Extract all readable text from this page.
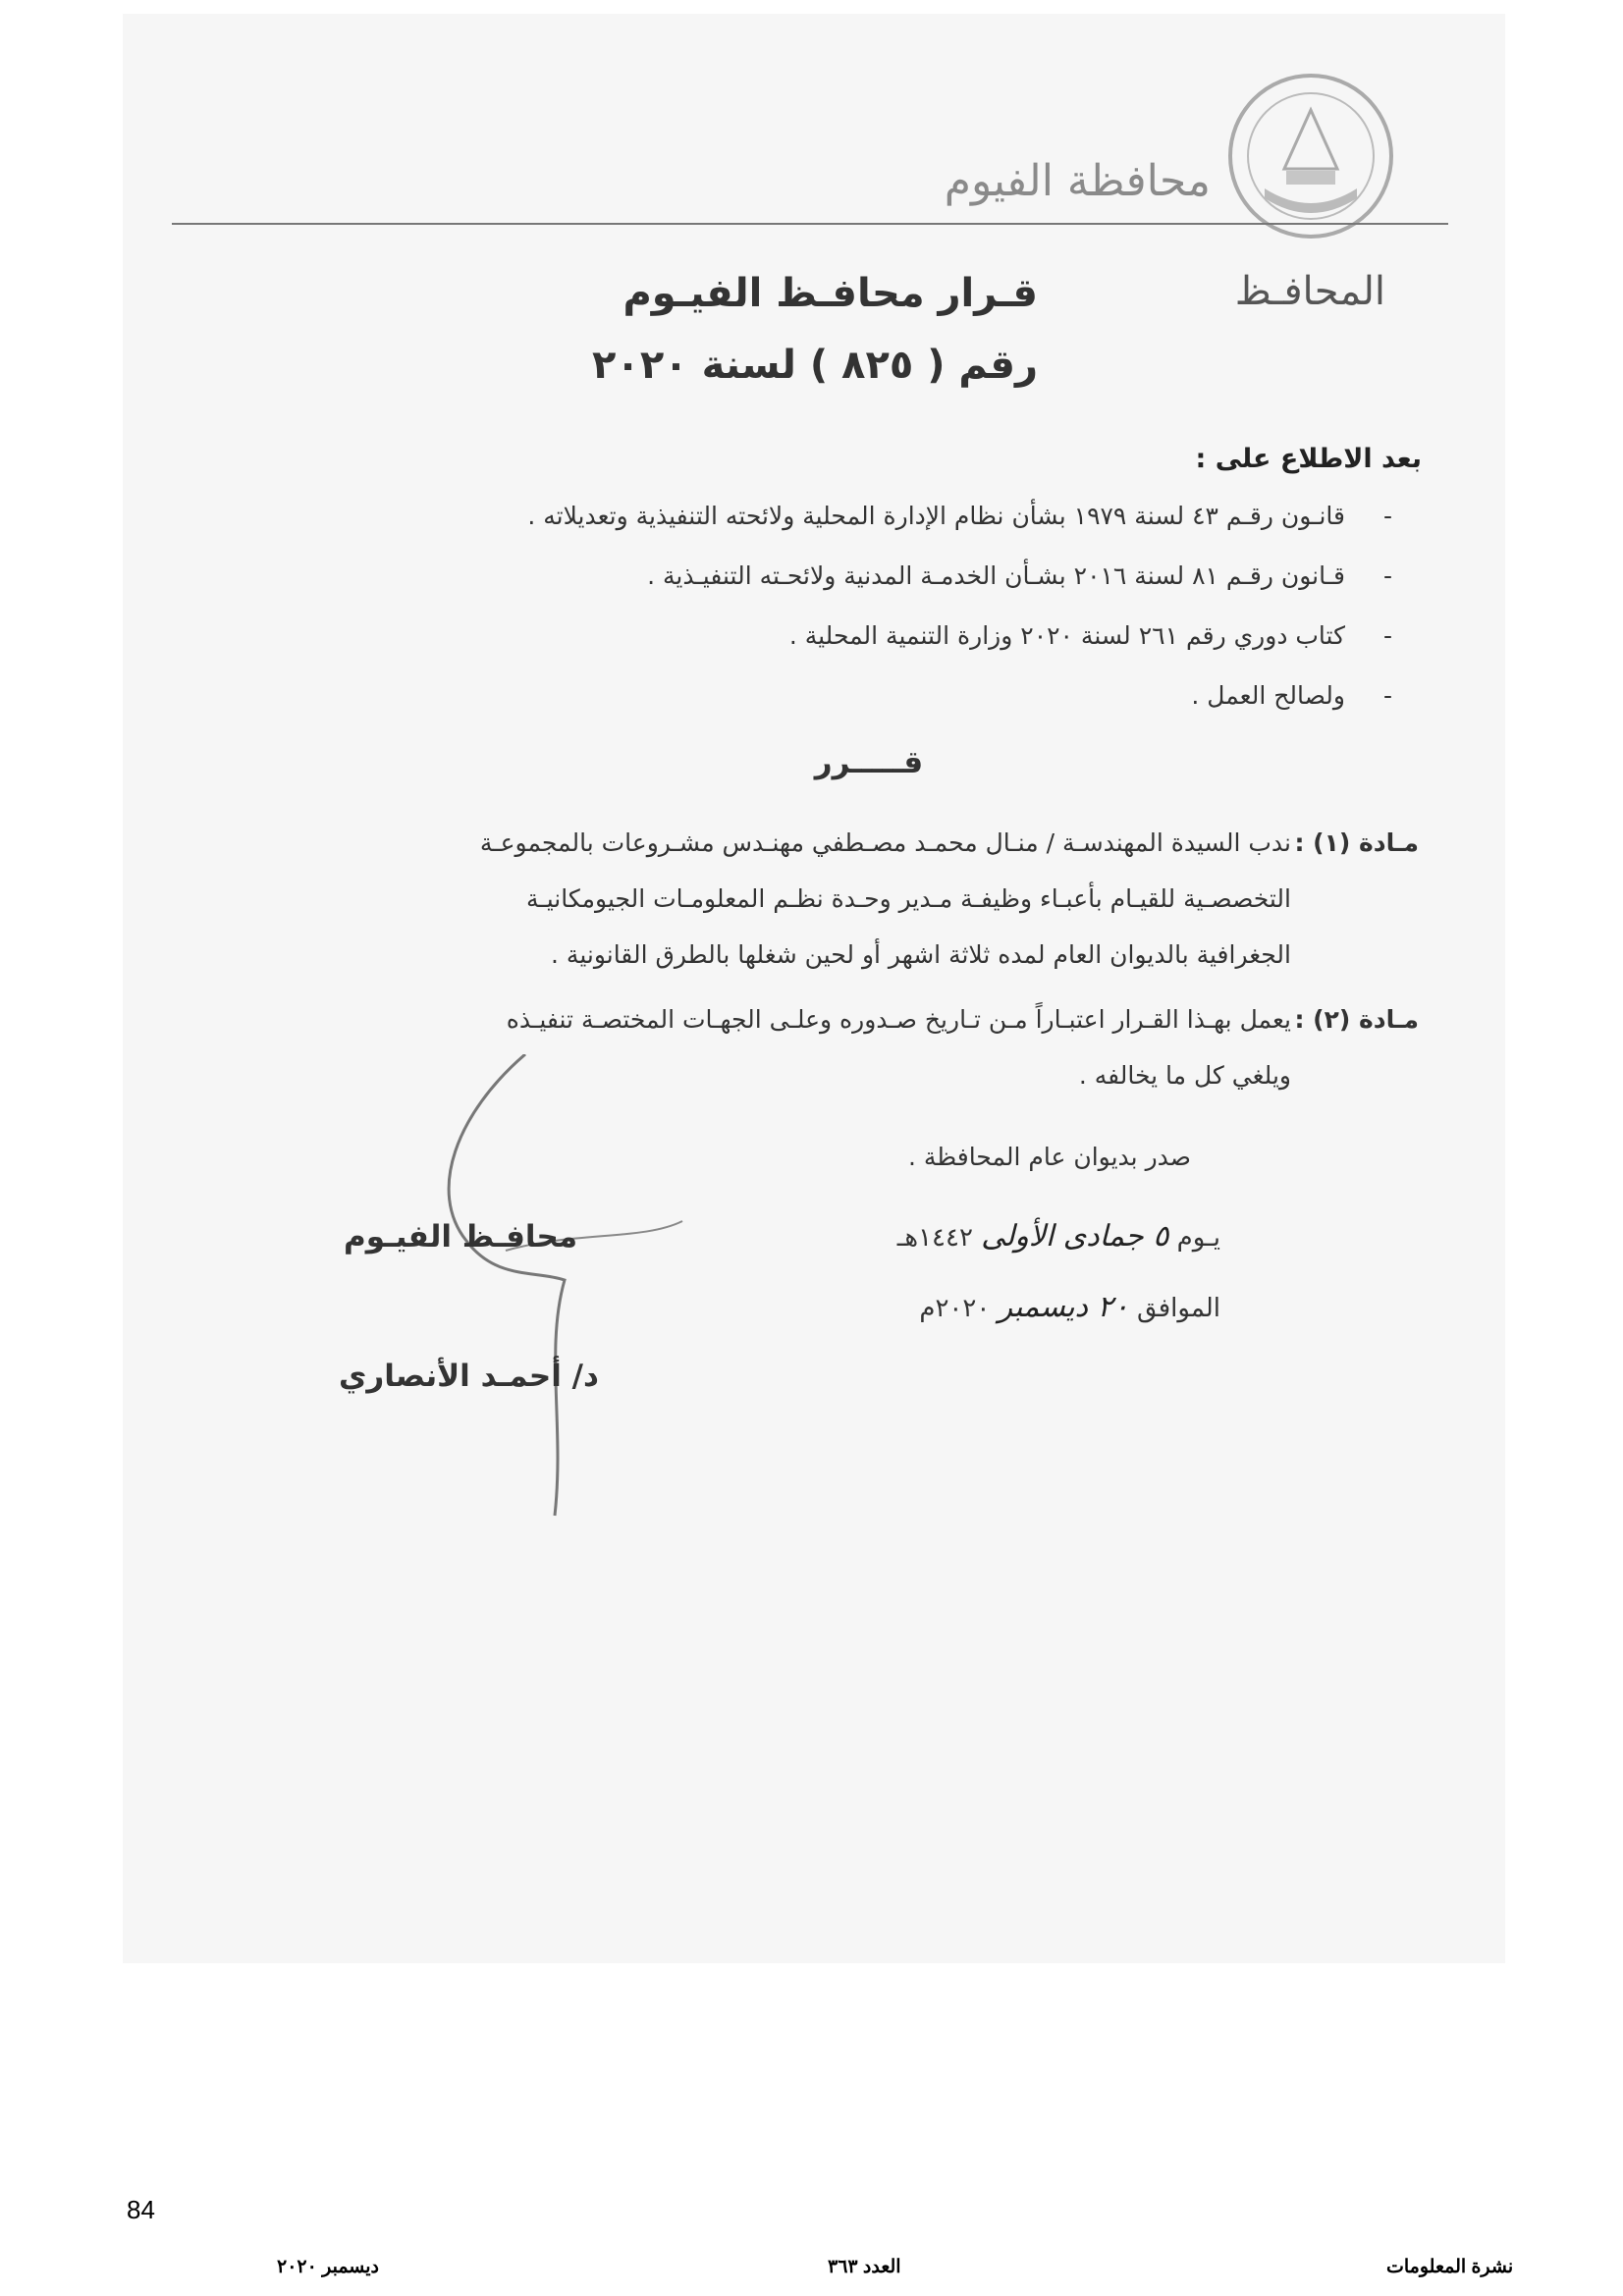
محافظة الفيوم
المحافـظ
قـرار محافـظ الفيـوم
رقم ( ٨٢٥ ) لسنة ٢٠٢٠
بعد الاطلاع على :
-
قانـون رقـم ٤٣ لسنة ١٩٧٩ بشأن نظام الإدارة المحلية ولائحته التنفيذية وتعديلاته .
-
قـانون رقـم ٨١ لسنة ٢٠١٦ بشـأن الخدمـة المدنية ولائحـته التنفيـذية .
-
كتاب دوري رقم ٢٦١ لسنة ٢٠٢٠ وزارة التنمية المحلية .
-
ولصالح العمل .
قـــــرر
مـادة (١) :
ندب السيدة المهندسـة / منـال محمـد مصـطفي مهنـدس مشـروعات بالمجموعـة
التخصصـية للقيـام بأعبـاء وظيفـة مـدير وحـدة نظـم المعلومـات الجيومكانيـة
الجغرافية بالديوان العام لمده ثلاثة اشهر أو لحين شغلها بالطرق القانونية .
مـادة (٢) :
يعمل بهـذا القـرار اعتبـاراً مـن تـاريخ صـدوره وعلـى الجهـات المختصـة تنفيـذه
ويلغي كل ما يخالفه .
صدر بديوان عام المحافظة .
يـوم ٥ جمادى الأولى ١٤٤٢هـ
الموافق ٢٠ ديسمبر ٢٠٢٠م
محافـظ الفيـوم
د/ أحمـد الأنصاري
84
ديسمبر ٢٠٢٠	العدد ٣٦٣	نشرة المعلومات
